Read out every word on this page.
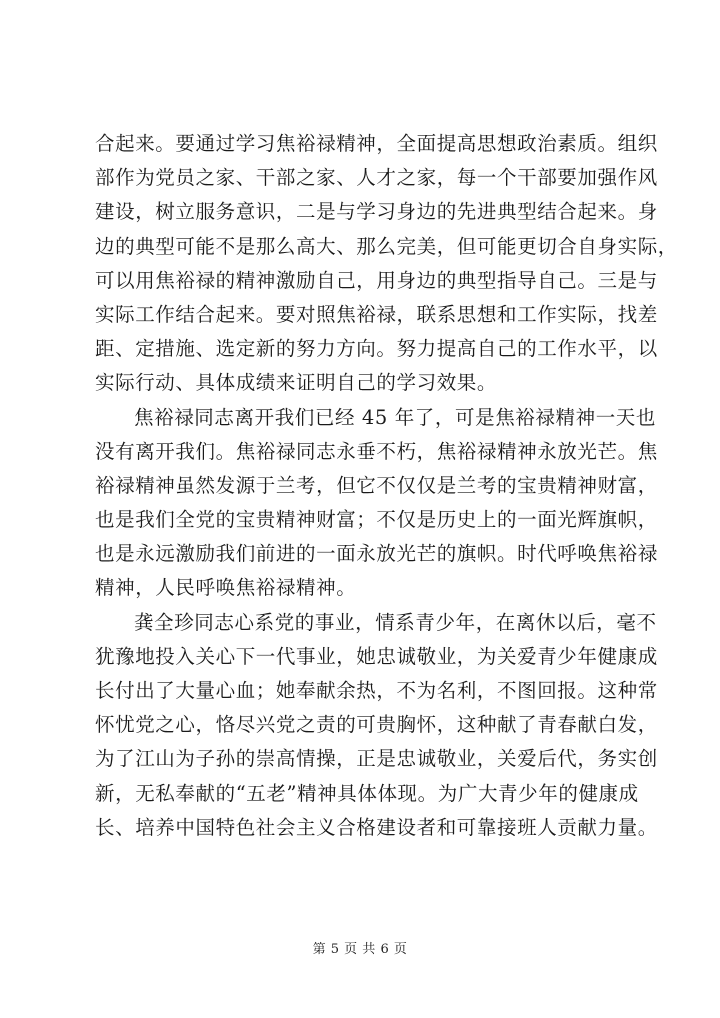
合起来。要通过学习焦裕禄精神，全面提高思想政治素质。组织
部作为党员之家、干部之家、人才之家，每一个干部要加强作风
建设，树立服务意识，二是与学习身边的先进典型结合起来。身
边的典型可能不是那么高大、那么完美，但可能更切合自身实际，
可以用焦裕禄的精神激励自己，用身边的典型指导自己。三是与
实际工作结合起来。要对照焦裕禄，联系思想和工作实际，找差
距、定措施、选定新的努力方向。努力提高自己的工作水平，以
实际行动、具体成绩来证明自己的学习效果。
焦裕禄同志离开我们已经 45 年了，可是焦裕禄精神一天也
没有离开我们。焦裕禄同志永垂不朽，焦裕禄精神永放光芒。焦
裕禄精神虽然发源于兰考，但它不仅仅是兰考的宝贵精神财富，
也是我们全党的宝贵精神财富；不仅是历史上的一面光辉旗帜，
也是永远激励我们前进的一面永放光芒的旗帜。时代呼唤焦裕禄
精神，人民呼唤焦裕禄精神。
龚全珍同志心系党的事业，情系青少年，在离休以后，毫不
犹豫地投入关心下一代事业，她忠诚敬业，为关爱青少年健康成
长付出了大量心血；她奉献余热，不为名利，不图回报。这种常
怀忧党之心，恪尽兴党之责的可贵胸怀，这种献了青春献白发，
为了江山为子孙的崇高情操，正是忠诚敬业，关爱后代，务实创
新，无私奉献的“五老”精神具体体现。为广大青少年的健康成
长、培养中国特色社会主义合格建设者和可靠接班人贡献力量。
第 5 页 共 6 页
